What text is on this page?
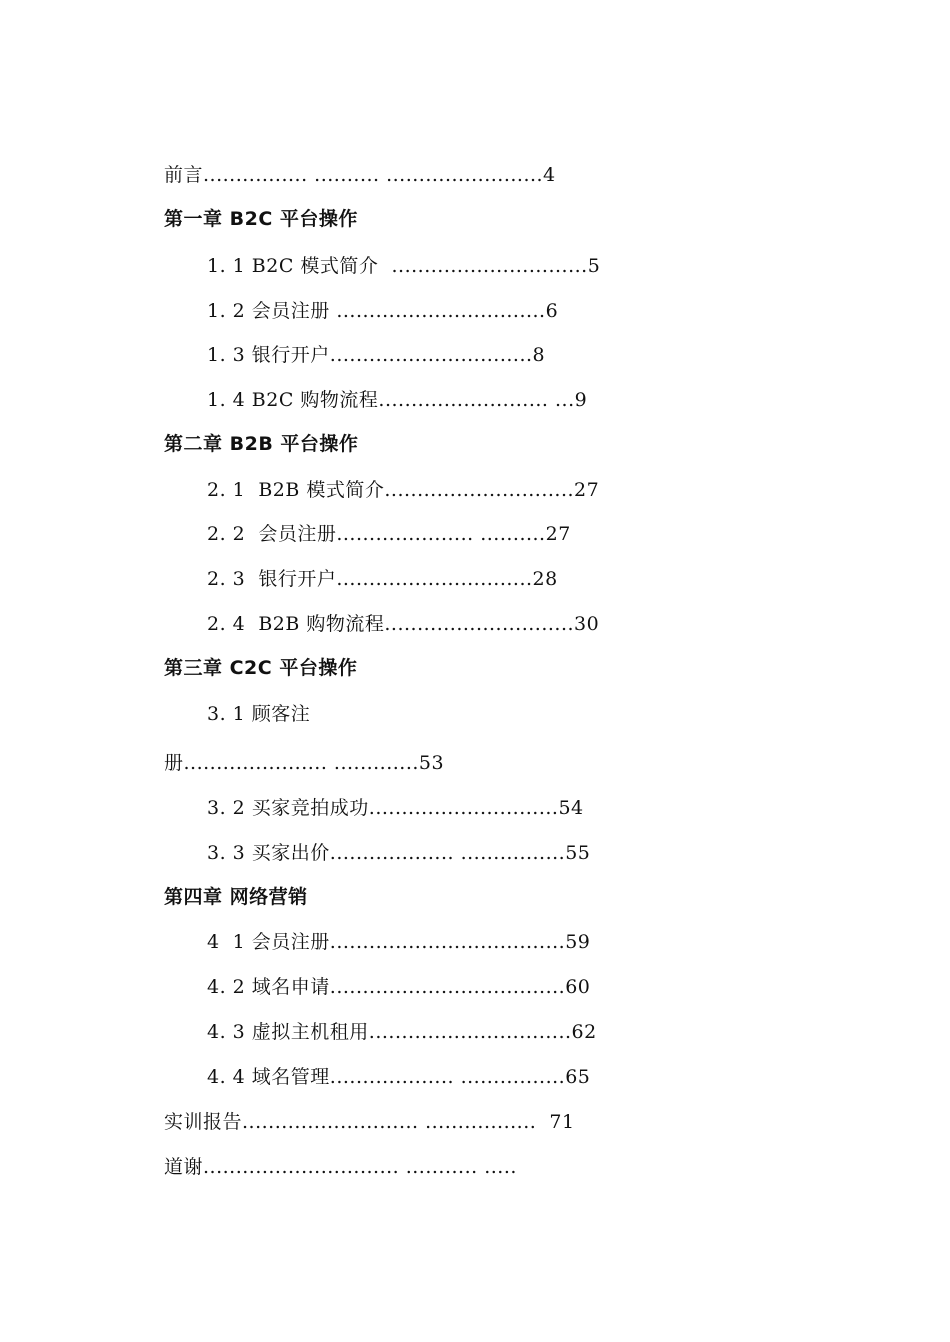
前言................ .......... ........................4
第一章 B2C 平台操作
1. 1 B2C 模式简介  ..............................5
1. 2 会员注册 ................................6
1. 3 银行开户...............................8
1. 4 B2C 购物流程.......................... ...9
第二章 B2B 平台操作
2. 1  B2B 模式简介.............................27
2. 2  会员注册..................... ..........27
2. 3  银行开户..............................28
2. 4  B2B 购物流程.............................30
第三章 C2C 平台操作
3. 1 顾客注
册...................... .............53
3. 2 买家竞拍成功.............................54
3. 3 买家出价................... ................55
第四章 网络营销
4  1 会员注册....................................59
4. 2 域名申请....................................60
4. 3 虚拟主机租用...............................62
4. 4 域名管理................... ................65
实训报告........................... .................  71
道谢.............................. ........... .....
